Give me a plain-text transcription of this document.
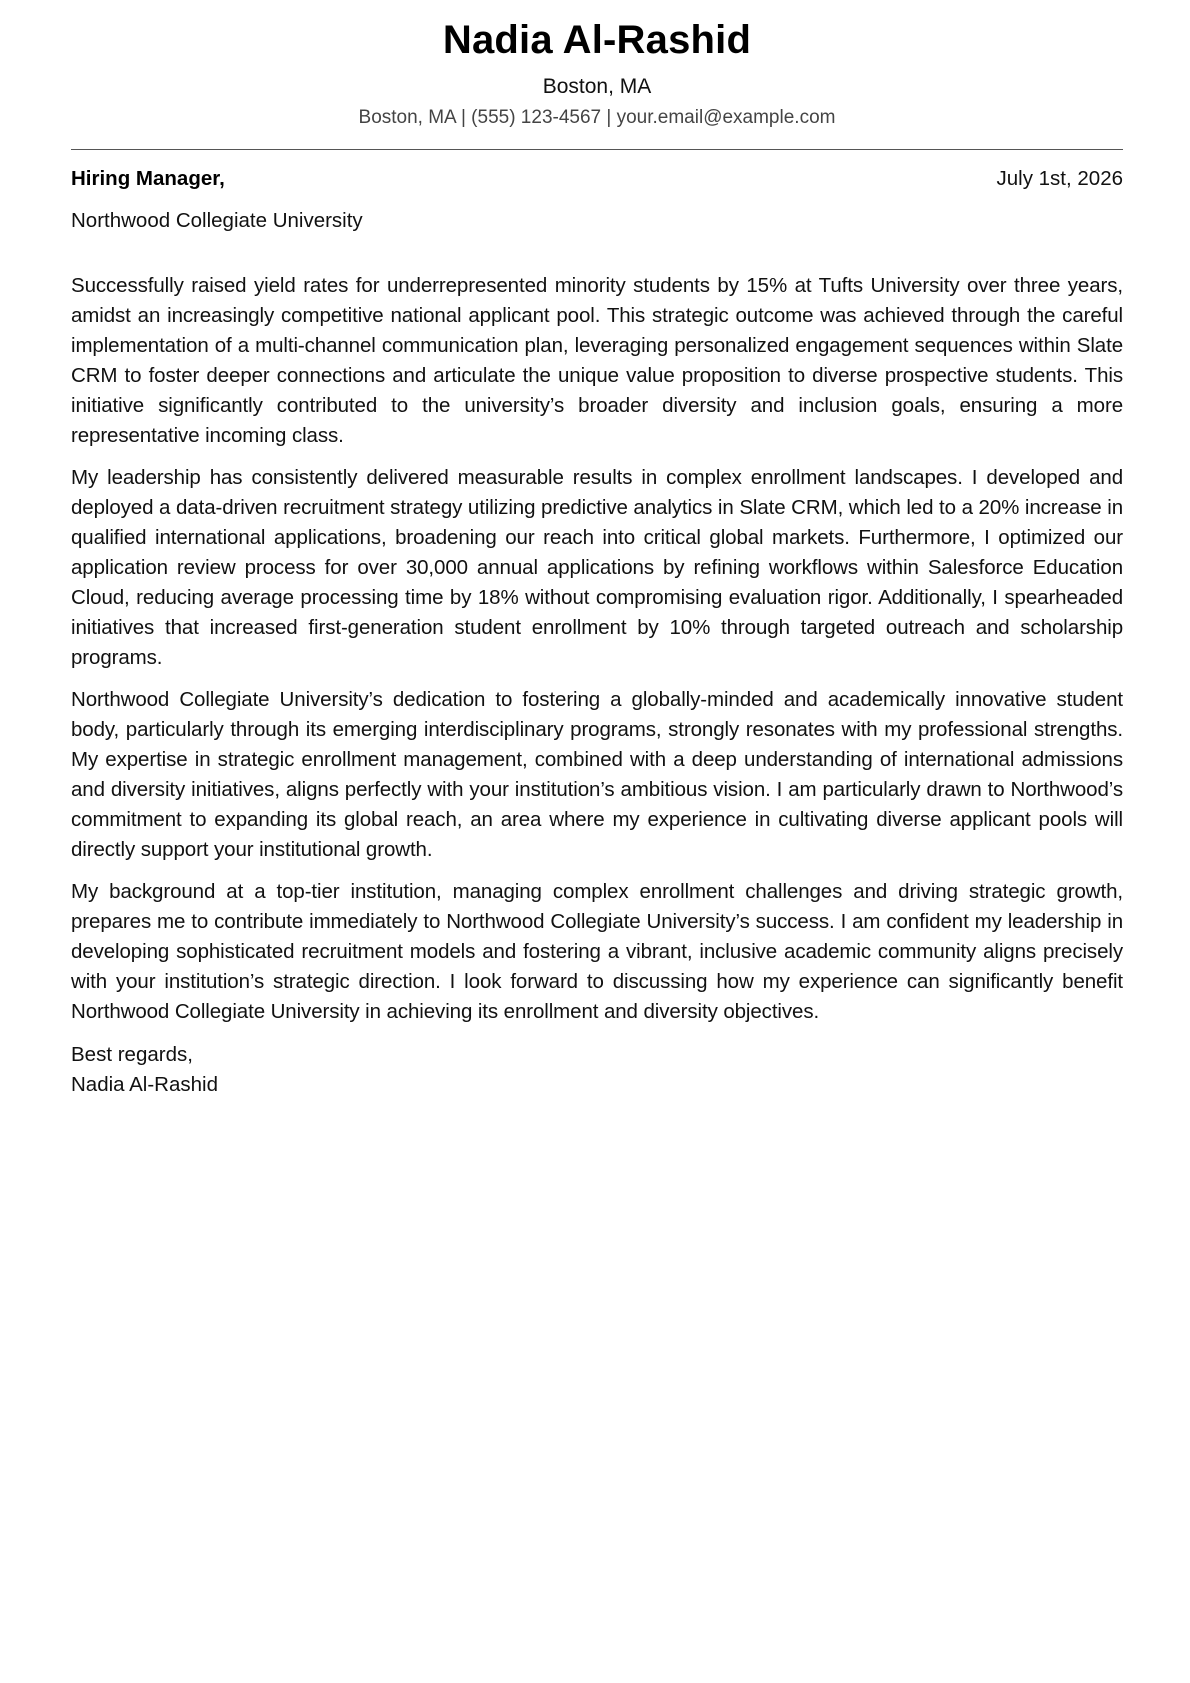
Nadia Al-Rashid
Boston, MA
Boston, MA | (555) 123-4567 | your.email@example.com
Hiring Manager,	July 1st, 2026
Northwood Collegiate University

Successfully raised yield rates for underrepresented minority students by 15% at Tufts University over three years, amidst an increasingly competitive national applicant pool. This strategic outcome was achieved through the careful implementation of a multi-channel communication plan, leveraging personalized engagement sequences within Slate CRM to foster deeper connections and articulate the unique value proposition to diverse prospective students. This initiative significantly contributed to the university’s broader diversity and inclusion goals, ensuring a more representative incoming class.

My leadership has consistently delivered measurable results in complex enrollment landscapes. I developed and deployed a data-driven recruitment strategy utilizing predictive analytics in Slate CRM, which led to a 20% increase in qualified international applications, broadening our reach into critical global markets. Furthermore, I optimized our application review process for over 30,000 annual applications by refining workflows within Salesforce Education Cloud, reducing average processing time by 18% without compromising evaluation rigor. Additionally, I spearheaded initiatives that increased first-generation student enrollment by 10% through targeted outreach and scholarship programs.

Northwood Collegiate University’s dedication to fostering a globally-minded and academically innovative student body, particularly through its emerging interdisciplinary programs, strongly resonates with my professional strengths. My expertise in strategic enrollment management, combined with a deep understanding of international admissions and diversity initiatives, aligns perfectly with your institution’s ambitious vision. I am particularly drawn to Northwood’s commitment to expanding its global reach, an area where my experience in cultivating diverse applicant pools will directly support your institutional growth.

My background at a top-tier institution, managing complex enrollment challenges and driving strategic growth, prepares me to contribute immediately to Northwood Collegiate University’s success. I am confident my leadership in developing sophisticated recruitment models and fostering a vibrant, inclusive academic community aligns precisely with your institution’s strategic direction. I look forward to discussing how my experience can significantly benefit Northwood Collegiate University in achieving its enrollment and diversity objectives.

Best regards,
Nadia Al-Rashid
